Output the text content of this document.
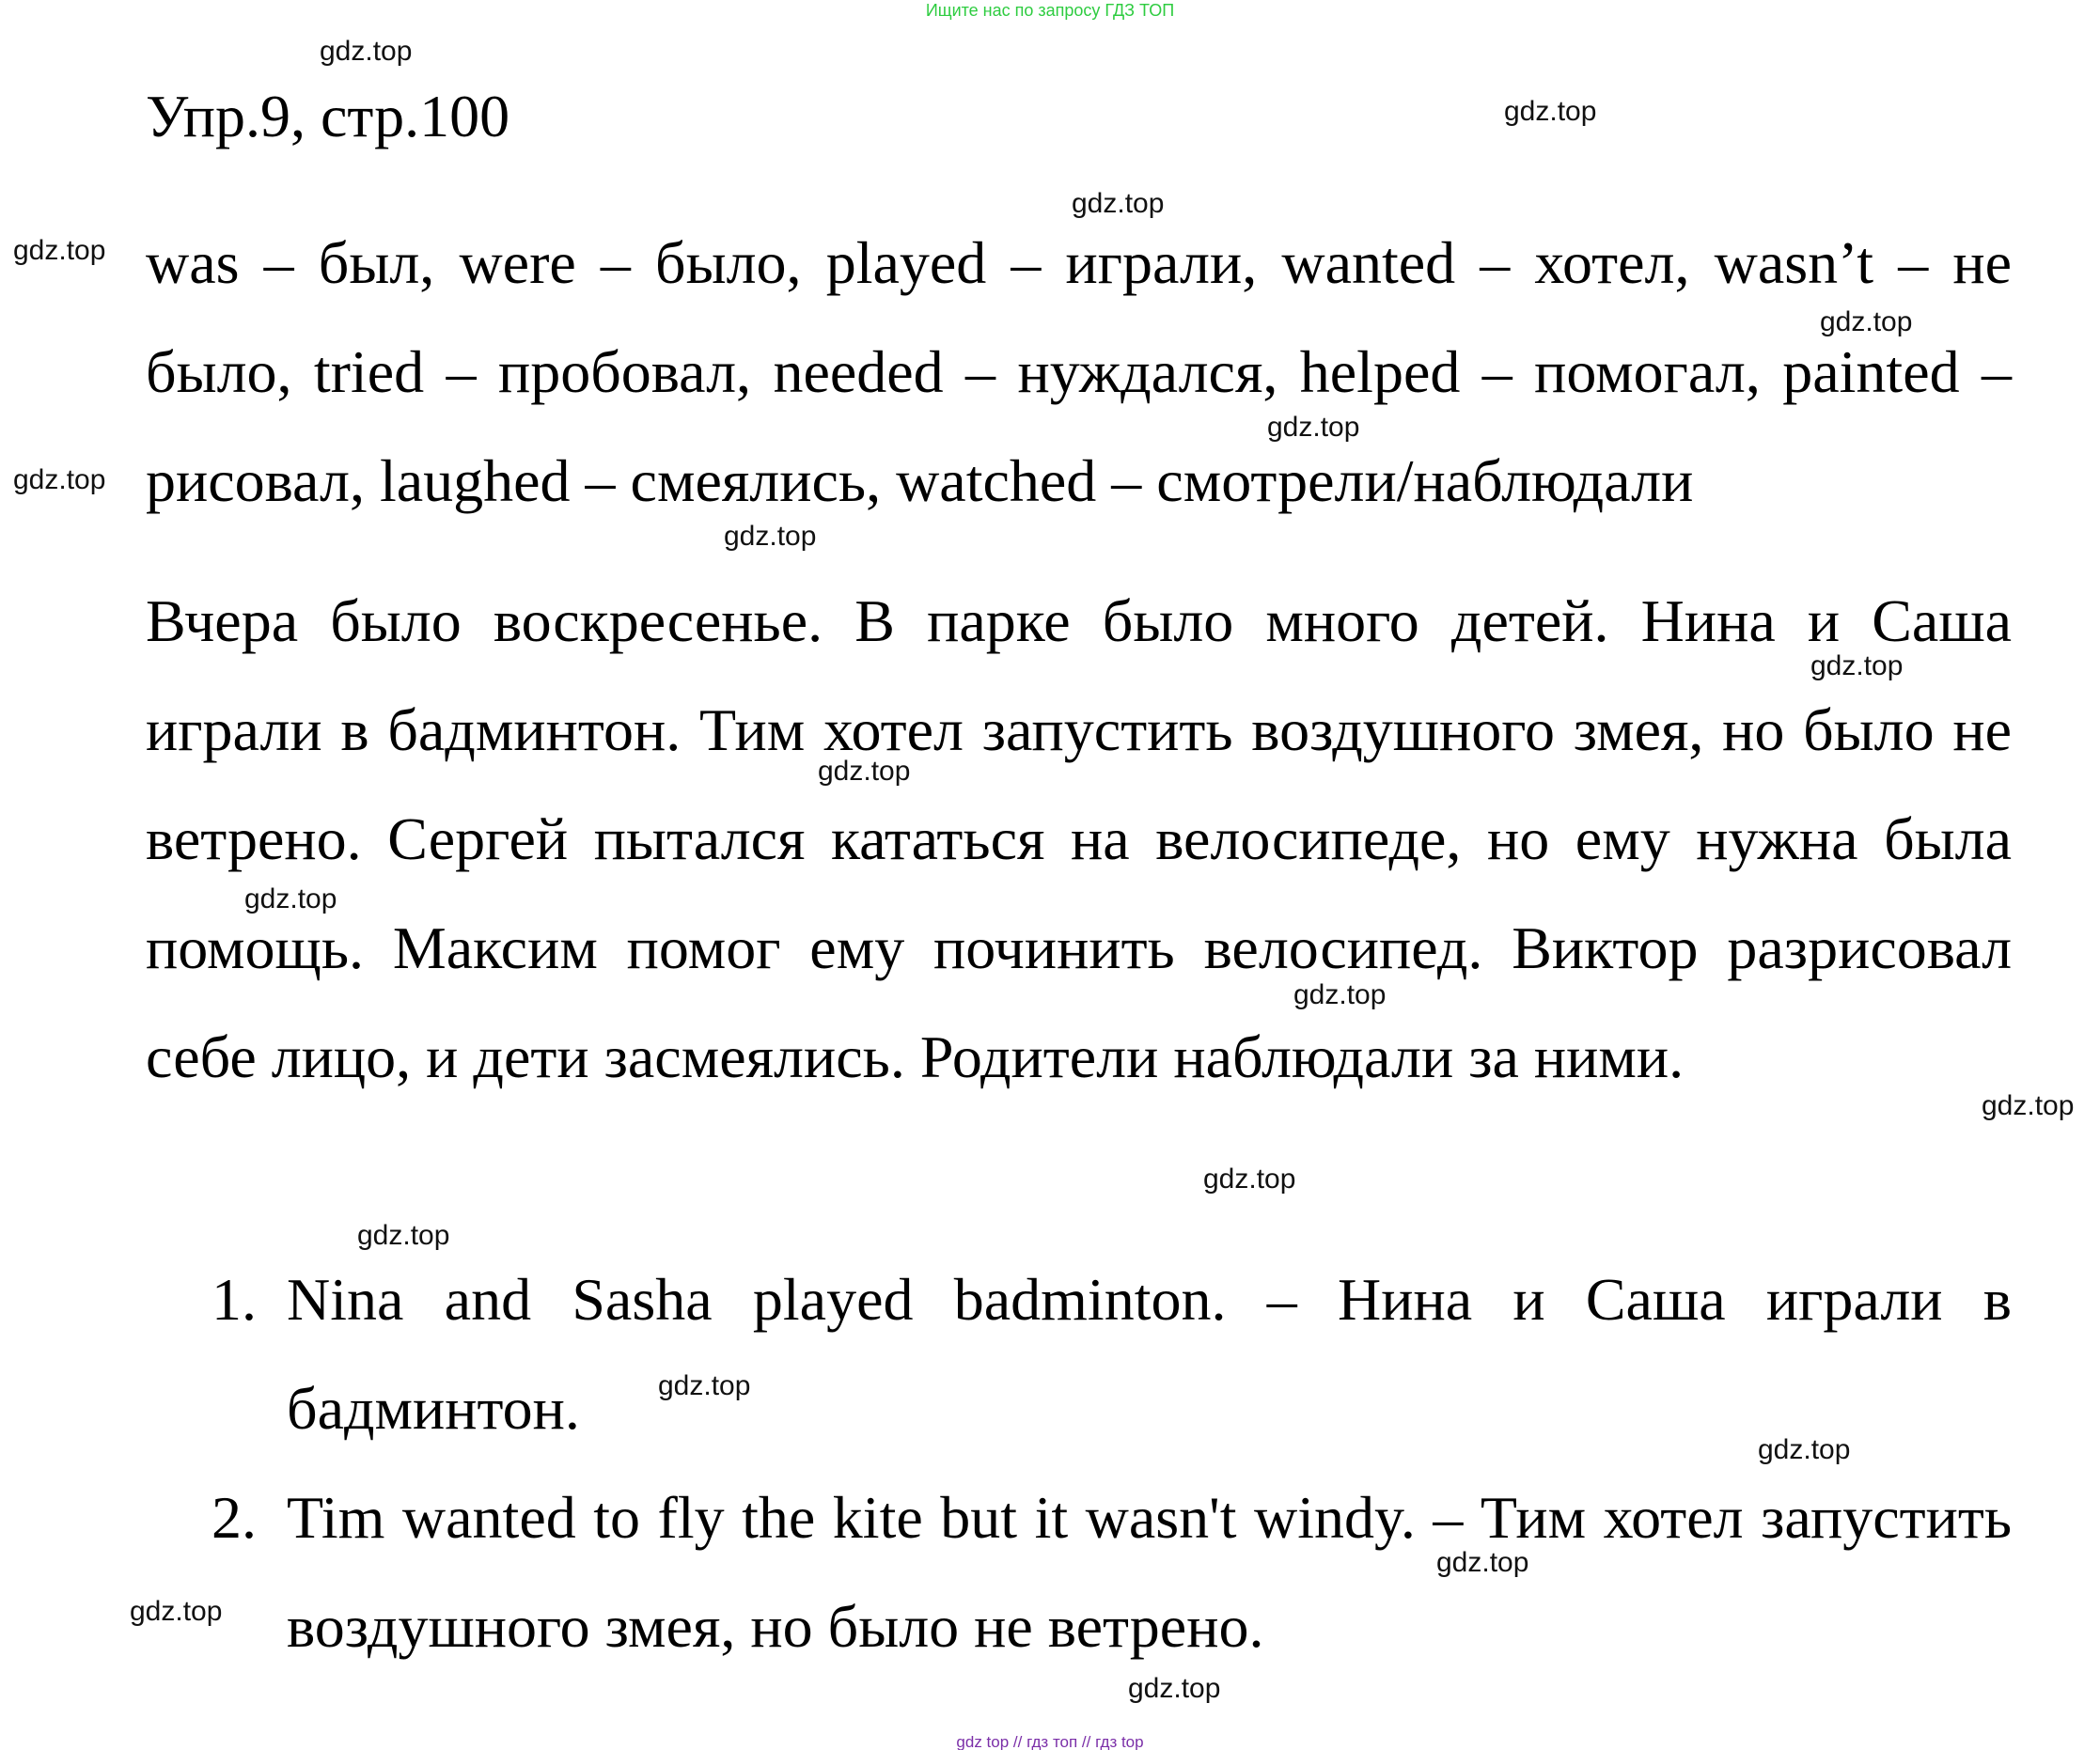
Ищите нас по запросу ГДЗ ТОП
Упр.9, стр.100

was – был, were – было, played – играли, wanted – хотел, wasn’t – не было, tried – пробовал, needed – нуждался, helped – помогал, painted – рисовал, laughed – смеялись, watched – смотрели/наблюдали

Вчера было воскресенье. В парке было много детей. Нина и Саша играли в бадминтон. Тим хотел запустить воздушного змея, но было не ветрено. Сергей пытался кататься на велосипеде, но ему нужна была помощь. Максим помог ему починить велосипед. Виктор разрисовал себе лицо, и дети засмеялись. Родители наблюдали за ними.

1. Nina and Sasha played badminton. – Нина и Саша играли в бадминтон.
2. Tim wanted to fly the kite but it wasn't windy. – Тим хотел запустить воздушного змея, но было не ветрено.
gdz.top
gdz.top
gdz.top
gdz.top
gdz.top
gdz.top
gdz.top
gdz.top
gdz.top
gdz.top
gdz.top
gdz.top
gdz.top
gdz.top
gdz.top
gdz.top
gdz.top
gdz.top
gdz.top
gdz.top
gdz top // гдз топ // гдз top
